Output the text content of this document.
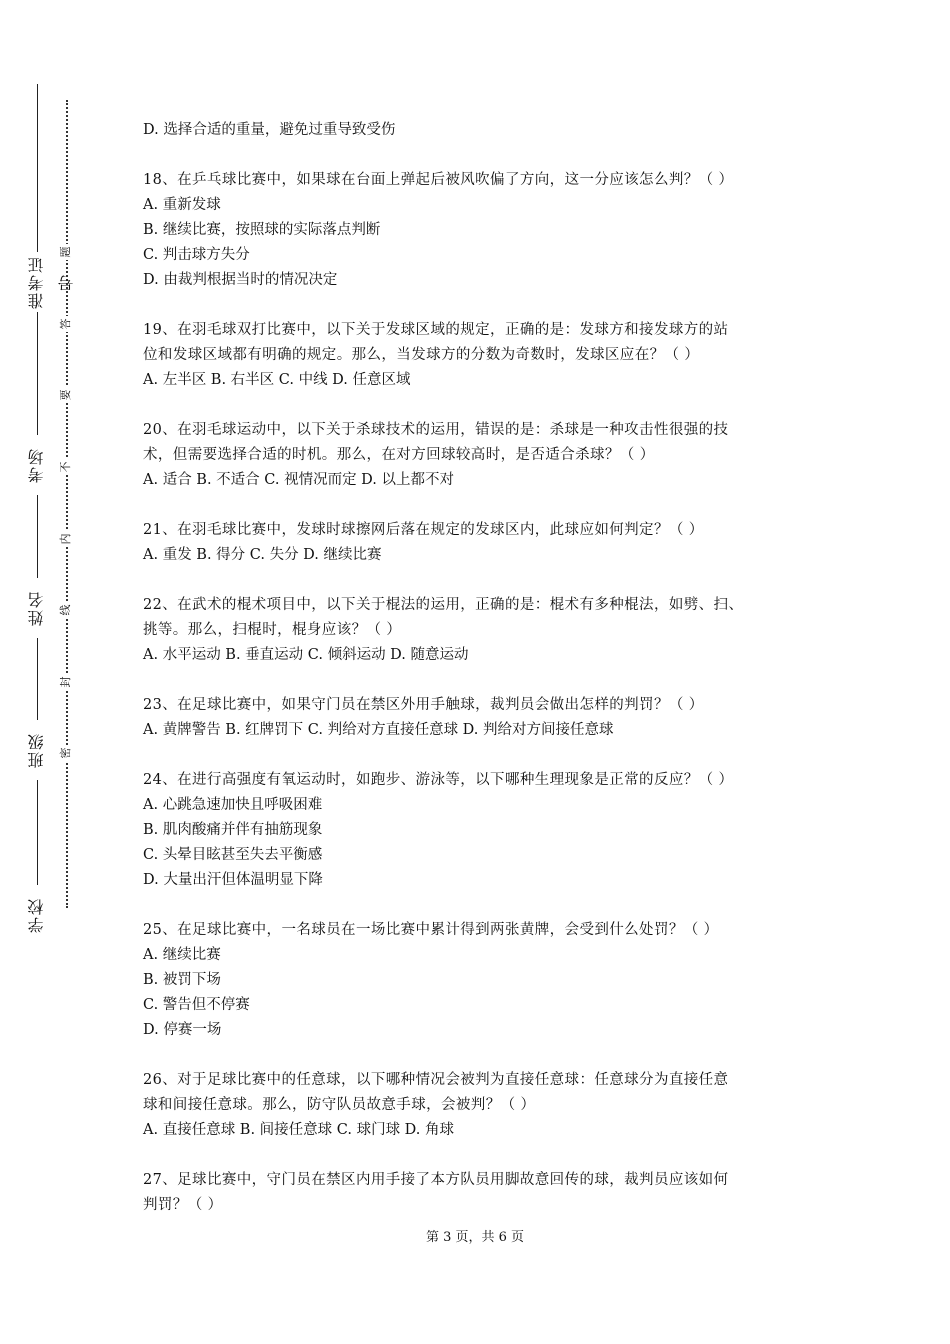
准考证号
考场
姓名
班级
学校
题
答
要
不
内
线
封
密

D. 选择合适的重量，避免过重导致受伤

18、在乒乓球比赛中，如果球在台面上弹起后被风吹偏了方向，这一分应该怎么判？（ ）

A. 重新发球

B. 继续比赛，按照球的实际落点判断

C. 判击球方失分

D. 由裁判根据当时的情况决定

19、在羽毛球双打比赛中，以下关于发球区域的规定，正确的是：发球方和接发球方的站

位和发球区域都有明确的规定。那么，当发球方的分数为奇数时，发球区应在？（ ）

A. 左半区 B. 右半区 C. 中线 D. 任意区域

20、在羽毛球运动中，以下关于杀球技术的运用，错误的是：杀球是一种攻击性很强的技

术，但需要选择合适的时机。那么，在对方回球较高时，是否适合杀球？（ ）

A. 适合 B. 不适合 C. 视情况而定 D. 以上都不对

21、在羽毛球比赛中，发球时球擦网后落在规定的发球区内，此球应如何判定？（ ）

A. 重发 B. 得分 C. 失分 D. 继续比赛

22、在武术的棍术项目中，以下关于棍法的运用，正确的是：棍术有多种棍法，如劈、扫、

挑等。那么，扫棍时，棍身应该？（ ）

A. 水平运动 B. 垂直运动 C. 倾斜运动 D. 随意运动

23、在足球比赛中，如果守门员在禁区外用手触球，裁判员会做出怎样的判罚？（ ）

A. 黄牌警告 B. 红牌罚下 C. 判给对方直接任意球 D. 判给对方间接任意球

24、在进行高强度有氧运动时，如跑步、游泳等，以下哪种生理现象是正常的反应？（ ）

A. 心跳急速加快且呼吸困难

B. 肌肉酸痛并伴有抽筋现象

C. 头晕目眩甚至失去平衡感

D. 大量出汗但体温明显下降

25、在足球比赛中，一名球员在一场比赛中累计得到两张黄牌，会受到什么处罚？（ ）

A. 继续比赛

B. 被罚下场

C. 警告但不停赛

D. 停赛一场

26、对于足球比赛中的任意球，以下哪种情况会被判为直接任意球：任意球分为直接任意

球和间接任意球。那么，防守队员故意手球，会被判？（ ）

A. 直接任意球 B. 间接任意球 C. 球门球 D. 角球

27、足球比赛中，守门员在禁区内用手接了本方队员用脚故意回传的球，裁判员应该如何

判罚？（ ）

第 3 页，共 6 页
